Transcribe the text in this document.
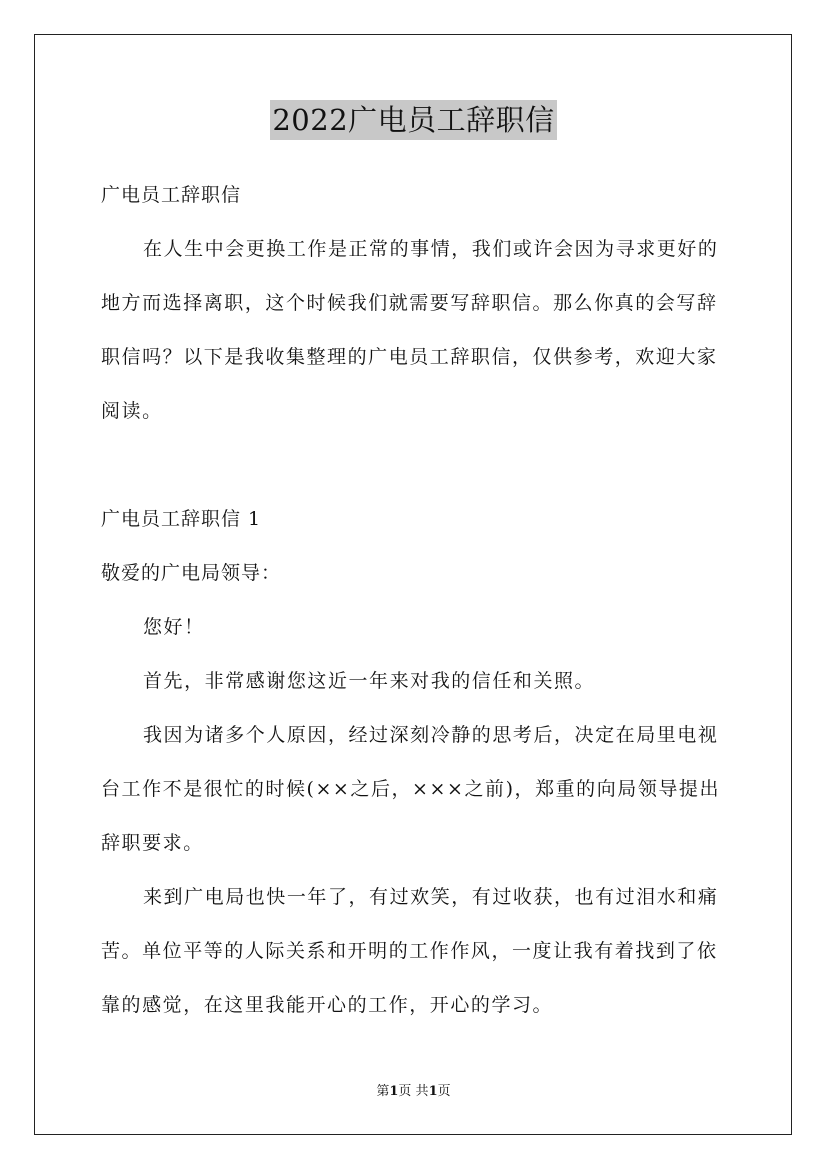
2022广电员工辞职信

广电员工辞职信

在人生中会更换工作是正常的事情，我们或许会因为寻求更好的地方而选择离职，这个时候我们就需要写辞职信。那么你真的会写辞职信吗？以下是我收集整理的广电员工辞职信，仅供参考，欢迎大家阅读。

广电员工辞职信 1

敬爱的广电局领导：

您好！

首先，非常感谢您这近一年来对我的信任和关照。

我因为诸多个人原因，经过深刻冷静的思考后，决定在局里电视台工作不是很忙的时候(××之后，×××之前)，郑重的向局领导提出辞职要求。

来到广电局也快一年了，有过欢笑，有过收获，也有过泪水和痛苦。单位平等的人际关系和开明的工作作风，一度让我有着找到了依靠的感觉，在这里我能开心的工作，开心的学习。

第1页 共1页
